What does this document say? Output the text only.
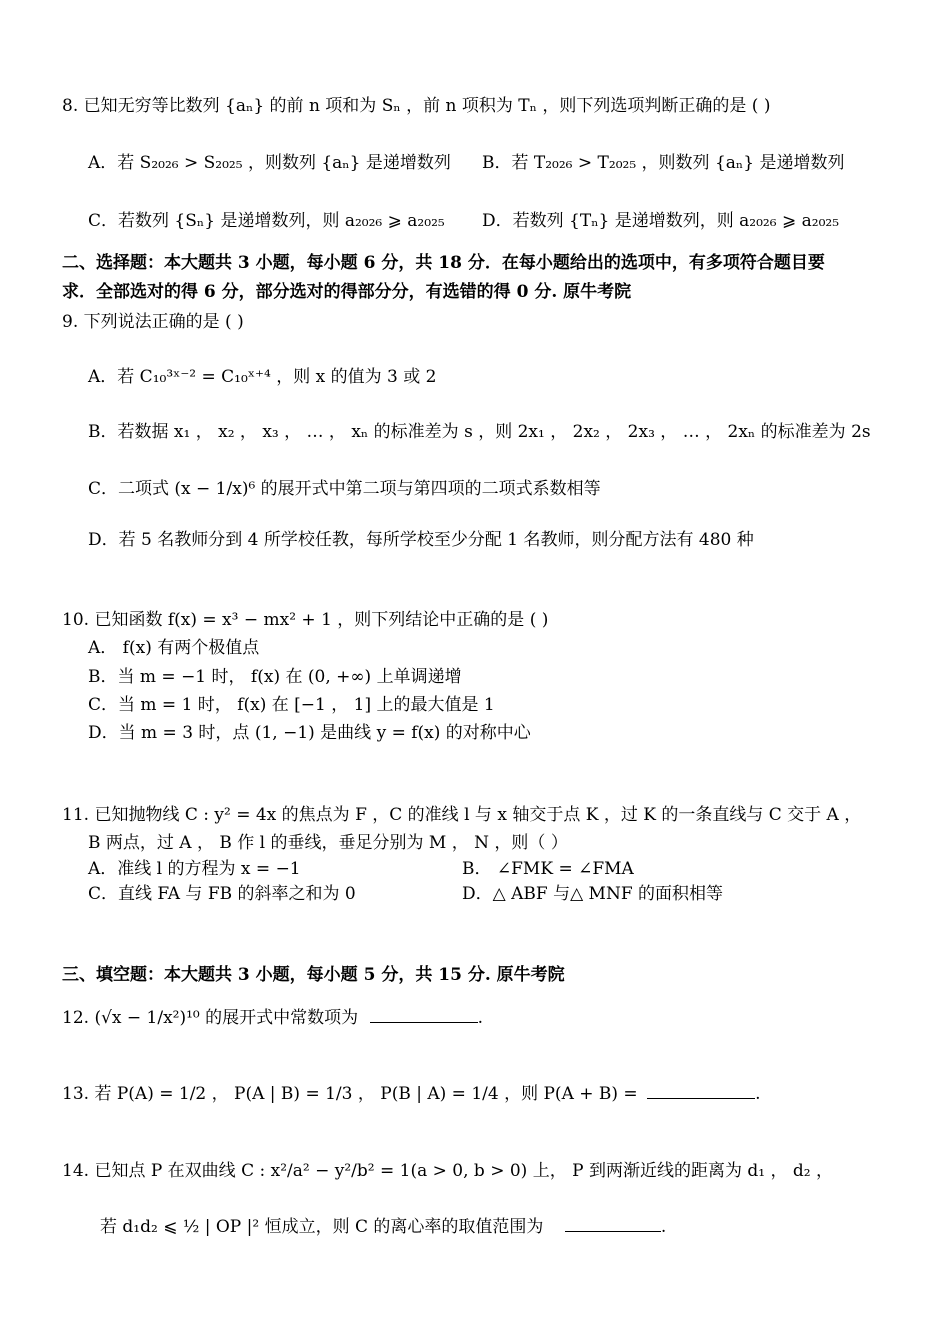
8. 已知无穷等比数列 {aₙ} 的前 n 项和为 Sₙ ，前 n 项积为 Tₙ ，则下列选项判断正确的是 ( )
A．若 S₂₀₂₆ > S₂₀₂₅ ，则数列 {aₙ} 是递增数列 B．若 T₂₀₂₆ > T₂₀₂₅ ，则数列 {aₙ} 是递增数列
C．若数列 {Sₙ} 是递增数列，则 a₂₀₂₆ ⩾ a₂₀₂₅ D．若数列 {Tₙ} 是递增数列，则 a₂₀₂₆ ⩾ a₂₀₂₅
二、选择题：本大题共 3 小题，每小题 6 分，共 18 分．在每小题给出的选项中，有多项符合题目要
求．全部选对的得 6 分，部分选对的得部分分，有选错的得 0 分. 原牛考院
9. 下列说法正确的是 ( )
A．若 C₁₀³ˣ⁻² = C₁₀ˣ⁺⁴ ，则 x 的值为 3 或 2
B．若数据 x₁ ， x₂ ， x₃ ， … ， xₙ 的标准差为 s ，则 2x₁ ， 2x₂ ， 2x₃ ， … ， 2xₙ 的标准差为 2s
C．二项式 (x − 1/x)⁶ 的展开式中第二项与第四项的二项式系数相等
D．若 5 名教师分到 4 所学校任教，每所学校至少分配 1 名教师，则分配方法有 480 种
10. 已知函数 f(x) = x³ − mx² + 1 ，则下列结论中正确的是 ( )
A． f(x) 有两个极值点
B．当 m = −1 时， f(x) 在 (0, +∞) 上单调递增
C．当 m = 1 时， f(x) 在 [−1 ， 1] 上的最大值是 1
D．当 m = 3 时，点 (1, −1) 是曲线 y = f(x) 的对称中心
11. 已知抛物线 C : y² = 4x 的焦点为 F ，C 的准线 l 与 x 轴交于点 K ，过 K 的一条直线与 C 交于 A ，
B 两点，过 A ， B 作 l 的垂线，垂足分别为 M ， N ，则（ ）
A．准线 l 的方程为 x = −1	B． ∠FMK = ∠FMA
C．直线 FA 与 FB 的斜率之和为 0	D．△ ABF 与△ MNF 的面积相等
三、填空题：本大题共 3 小题，每小题 5 分，共 15 分. 原牛考院
12. (√x − 1/x²)¹⁰ 的展开式中常数项为	.
13. 若 P(A) = 1/2 ， P(A | B) = 1/3 ， P(B | A) = 1/4 ，则 P(A + B) =	.
14. 已知点 P 在双曲线 C : x²/a² − y²/b² = 1(a > 0, b > 0) 上， P 到两渐近线的距离为 d₁ ， d₂ ，
若 d₁d₂ ⩽ ½ | OP |² 恒成立，则 C 的离心率的取值范围为	.
